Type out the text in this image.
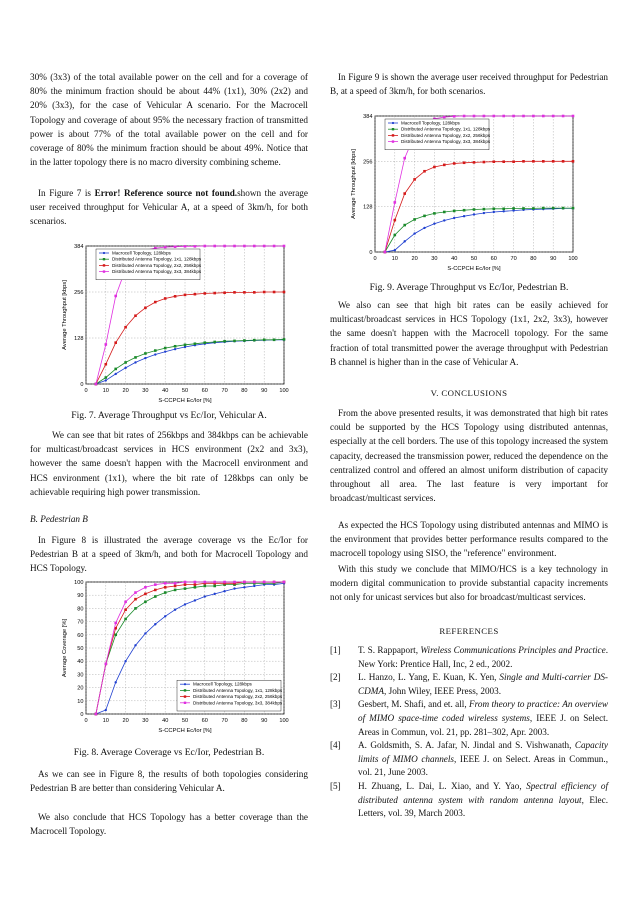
30% (3x3) of the total available power on the cell and for a coverage of 80% the minimum fraction should be about 44% (1x1), 30% (2x2) and 20% (3x3), for the case of Vehicular A scenario. For the Macrocell Topology and coverage of about 95% the necessary fraction of transmitted power is about 77% of the total available power on the cell and for coverage of 80% the minimum fraction should be about 49%. Notice that in the latter topology there is no macro diversity combining scheme.

In Figure 7 is Error! Reference source not found.shown the average user received throughput for Vehicular A, at a speed of 3km/h, for both scenarios.

0	10 20 30 40 50 60 70 80 90 100
0
128
256
384
S-CCPCH Ec/Ior [%]
Average Throughput [kbps]
Macrocell Topology, 128kbps
Distributed Antenna Topology, 1x1, 128kbps
Distributed Antenna Topology, 2x2, 256kbps
Distributed Antenna Topology, 3x3, 384kbps

Fig. 7. Average Throughput vs Ec/Ior, Vehicular A.

We can see that bit rates of 256kbps and 384kbps can be achievable for multicast/broadcast services in HCS environment (2x2 and 3x3), however the same doesn't happen with the Macrocell environment and HCS environment (1x1), where the bit rate of 128kbps can only be achievable requiring high power transmission.

B. Pedestrian B

In Figure 8 is illustrated the average coverage vs the Ec/Ior for Pedestrian B at a speed of 3km/h, and both for Macrocell Topology and HCS Topology.

0	10 20 30 40 50 60 70 80 90 100
0
10
20
30
40
50
60
70
80
90
100
S-CCPCH Ec/Ior [%]
Average Coverage [%]
Macrocell Topology, 128kbps
Distributed Antenna Topology, 1x1, 128kbps
Distributed Antenna Topology, 2x2, 256kbps
Distributed Antenna Topology, 3x3, 384kbps

Fig. 8. Average Coverage vs Ec/Ior, Pedestrian B.

As we can see in Figure 8, the results of both topologies considering Pedestrian B are better than considering Vehicular A.

We also conclude that HCS Topology has a better coverage than the Macrocell Topology.

In Figure 9 is shown the average user received throughput for Pedestrian B, at a speed of 3km/h, for both scenarios.

0	10 20 30 40 50 60 70 80 90 100
0
128
256
384
S-CCPCH Ec/Ior [%]
Average Throughput [kbps]
Macrocell Topology, 128kbps
Distributed Antenna Topology, 1x1, 128kbps
Distributed Antenna Topology, 2x2, 256kbps
Distributed Antenna Topology, 3x3, 384kbps

Fig. 9. Average Throughput vs Ec/Ior, Pedestrian B.

We also can see that high bit rates can be easily achieved for multicast/broadcast services in HCS Topology (1x1, 2x2, 3x3), however the same doesn't happen with the Macrocell topology. For the same fraction of total transmitted power the average throughput with Pedestrian B channel is higher than in the case of Vehicular A.

V. CONCLUSIONS

From the above presented results, it was demonstrated that high bit rates could be supported by the HCS Topology using distributed antennas, especially at the cell borders. The use of this topology increased the system capacity, decreased the transmission power, reduced the dependence on the centralized control and offered an almost uniform distribution of capacity throughout all area. The last feature is very important for broadcast/multicast services.

As expected the HCS Topology using distributed antennas and MIMO is the environment that provides better performance results compared to the macrocell topology using SISO, the "reference" environment.

With this study we conclude that MIMO/HCS is a key technology in modern digital communication to provide substantial capacity increments not only for unicast services but also for broadcast/multicast services.

REFERENCES

[1] T. S. Rappaport, Wireless Communications Principles and Practice. New York: Prentice Hall, Inc, 2 ed., 2002.
[2] L. Hanzo, L. Yang, E. Kuan, K. Yen, Single and Multi-carrier DS-CDMA, John Wiley, IEEE Press, 2003.
[3] Gesbert, M. Shafi, and et. all, From theory to practice: An overview of MIMO space-time coded wireless systems, IEEE J. on Select. Areas in Commun, vol. 21, pp. 281–302, Apr. 2003.
[4] A. Goldsmith, S. A. Jafar, N. Jindal and S. Vishwanath, Capacity limits of MIMO channels, IEEE J. on Select. Areas in Commun., vol. 21, June 2003.
[5] H. Zhuang, L. Dai, L. Xiao, and Y. Yao, Spectral efficiency of distributed antenna system with random antenna layout, Elec. Letters, vol. 39, March 2003.
